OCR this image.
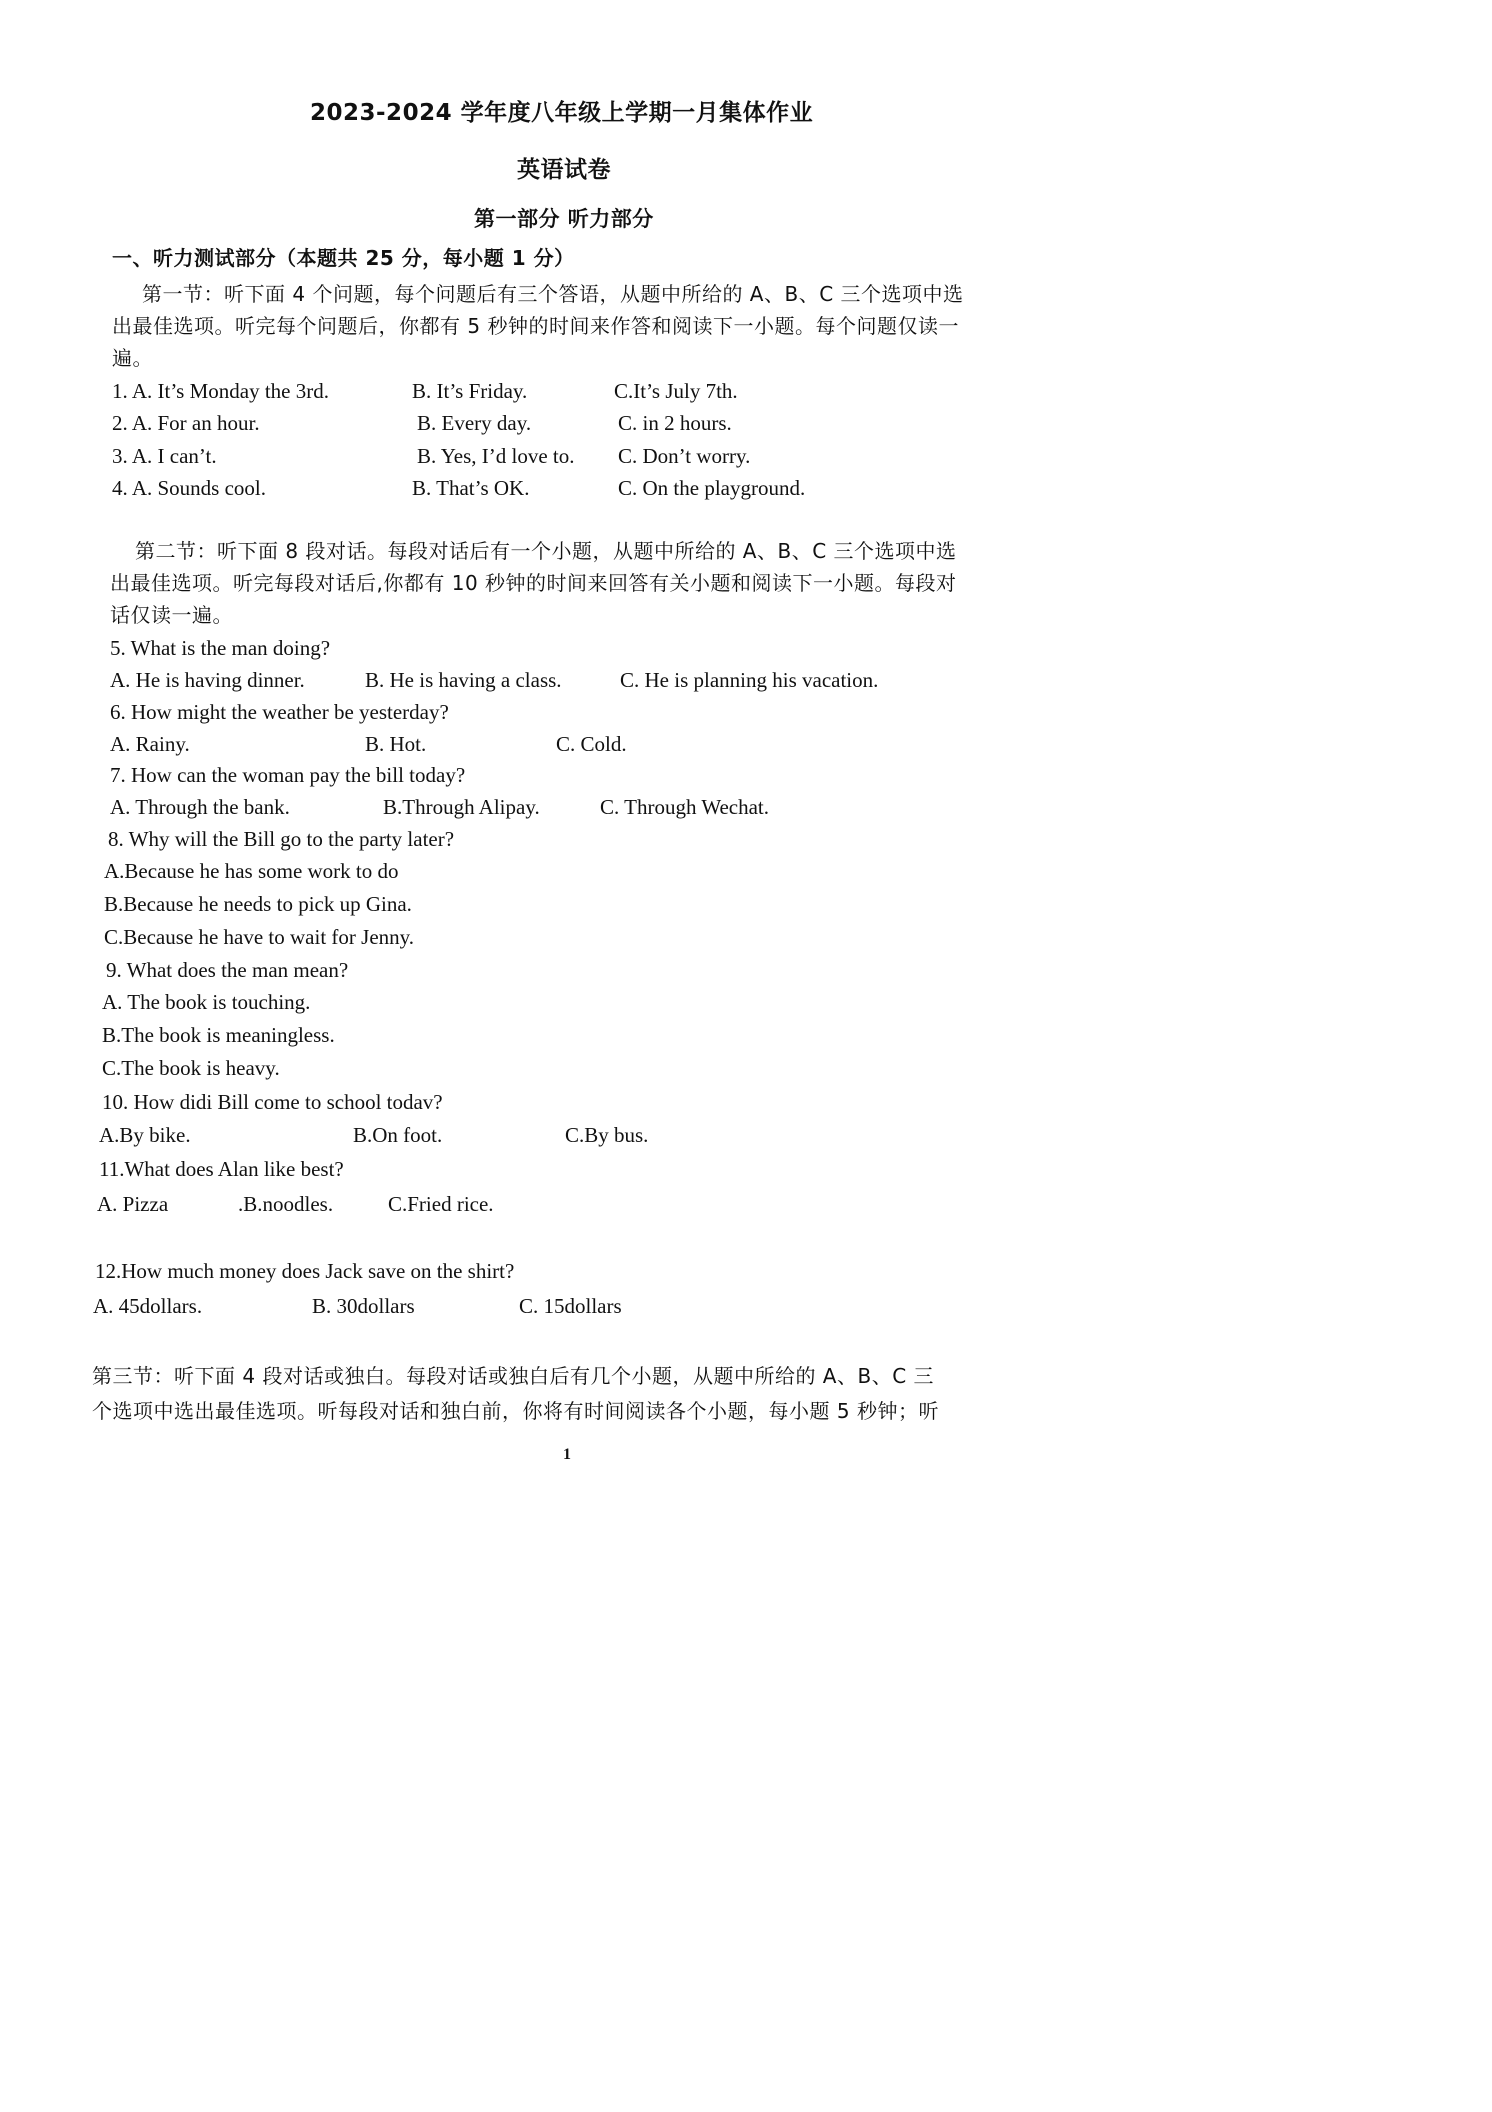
2023-2024 学年度八年级上学期一月集体作业
英语试卷
第一部分 听力部分
一、听力测试部分（本题共 25 分，每小题 1 分）
第一节：听下面 4 个问题，每个问题后有三个答语，从题中所给的 A、B、C 三个选项中选
出最佳选项。听完每个问题后，你都有 5 秒钟的时间来作答和阅读下一小题。每个问题仅读一
遍。
1. A. It’s Monday the 3rd.	B. It’s Friday.	C.It’s July 7th.
2. A. For an hour.	B. Every day.	C. in 2 hours.
3. A. I can’t.	B. Yes, I’d love to. C. Don’t worry.
4. A. Sounds cool.	B. That’s OK.	C. On the playground.
第二节：听下面 8 段对话。每段对话后有一个小题，从题中所给的 A、B、C 三个选项中选
出最佳选项。听完每段对话后,你都有 10 秒钟的时间来回答有关小题和阅读下一小题。每段对
话仅读一遍。
5. What is the man doing?
A. He is having dinner.	B. He is having a class.	C. He is planning his vacation.
6. How might the weather be yesterday?
A. Rainy.	B. Hot.	C. Cold.
7. How can the woman pay the bill today?
A. Through the bank.	B.Through Alipay.	C. Through Wechat.
8. Why will the Bill go to the party later?
A.Because he has some work to do
B.Because he needs to pick up Gina.
C.Because he have to wait for Jenny.
9. What does the man mean?
A. The book is touching.
B.The book is meaningless.
C.The book is heavy.
10. How didi Bill come to school todav?
A.By bike.	B.On foot.	C.By bus.
11.What does Alan like best?
A. Pizza	.B.noodles.	C.Fried rice.
12.How much money does Jack save on the shirt?
A. 45dollars.	B. 30dollars	C. 15dollars
第三节：听下面 4 段对话或独白。每段对话或独白后有几个小题，从题中所给的 A、B、C 三
个选项中选出最佳选项。听每段对话和独白前，你将有时间阅读各个小题，每小题 5 秒钟；听
1
